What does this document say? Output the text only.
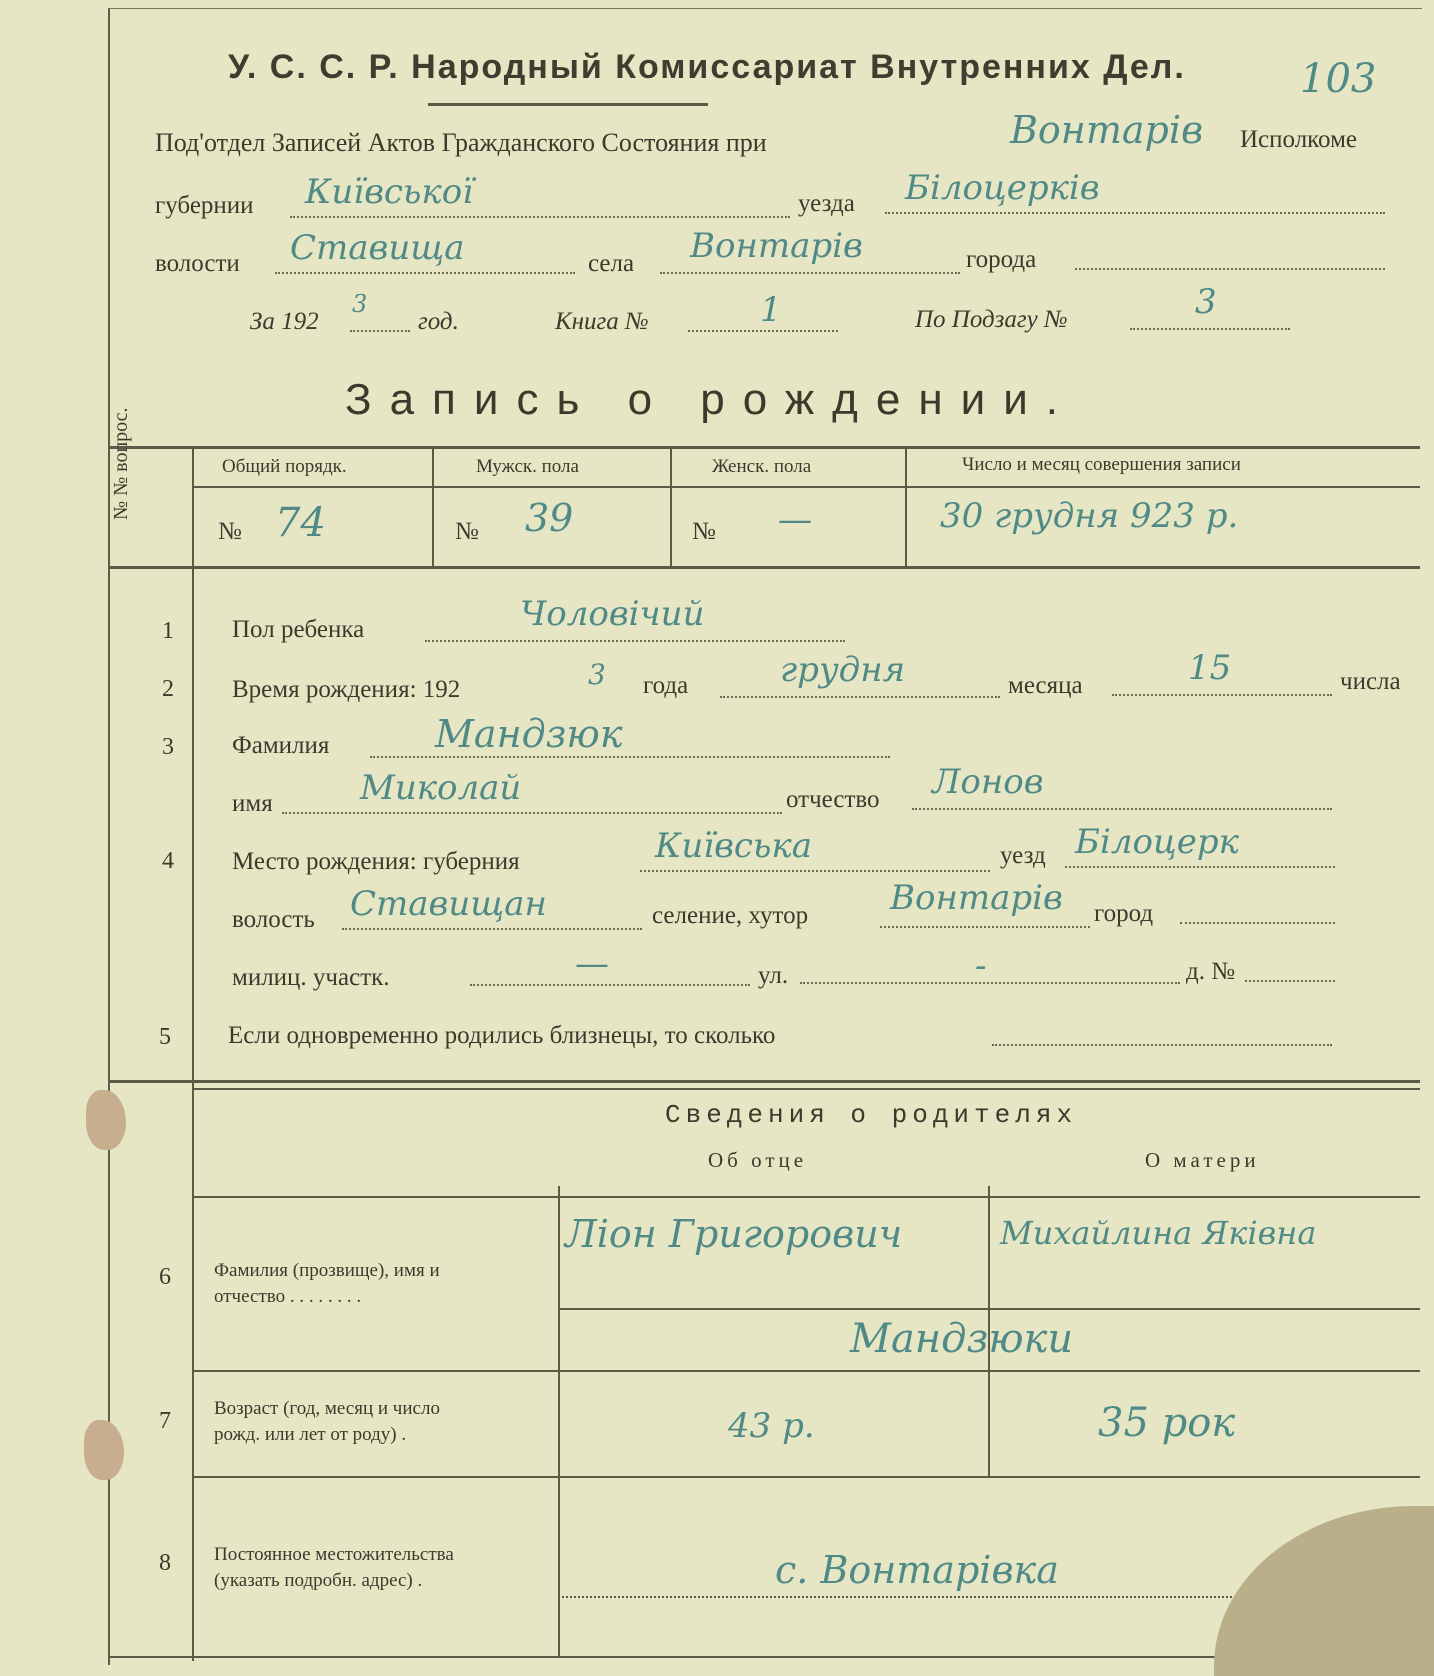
У. С. С. Р. Народный Комиссариат Внутренних Дел.	103
Под'отдел Записей Актов Гражданского Состояния при	Вонтарів Исполкоме
губернии Київської	уезда Білоцерків
волости Ставища	села Вонтарів	города
За 192
3
год.	Книга №	1	По Подзагу №	3
Запись о рождении.
№ № вопрос.	Общий порядк.	Мужск. пола	Женск. пола	Число и месяц совершения записи
№ 74	№ 39	№ —	30 грудня 923 р.
1	Пол ребенка	Чоловічий
2	Время рождения: 192	3 года	грудня	месяца	15	числа
3	Фамилия	Мандзюк
имя	Миколай	отчество Лонов
4	Место рождения: губерния	Київська	уезд Білоцерк
волость Ставищан	селение, хутор Вонтарів город
милиц. участк.	—	ул.	-	д. №
5	Если одновременно родились близнецы, то сколько
Сведения о родителях
Об отце	О матери
6	Фамилия (прозвище), имя и
отчество . . . . . . . .
Лiон Григорович	Михайлина Яківна
Мандзюки
7	Возраст (год, месяц и число
рожд. или лет от роду) .	43 р.	35 рок
8	Постоянное местожительства
(указать подробн. адрес) .	с. Вонтарівка
